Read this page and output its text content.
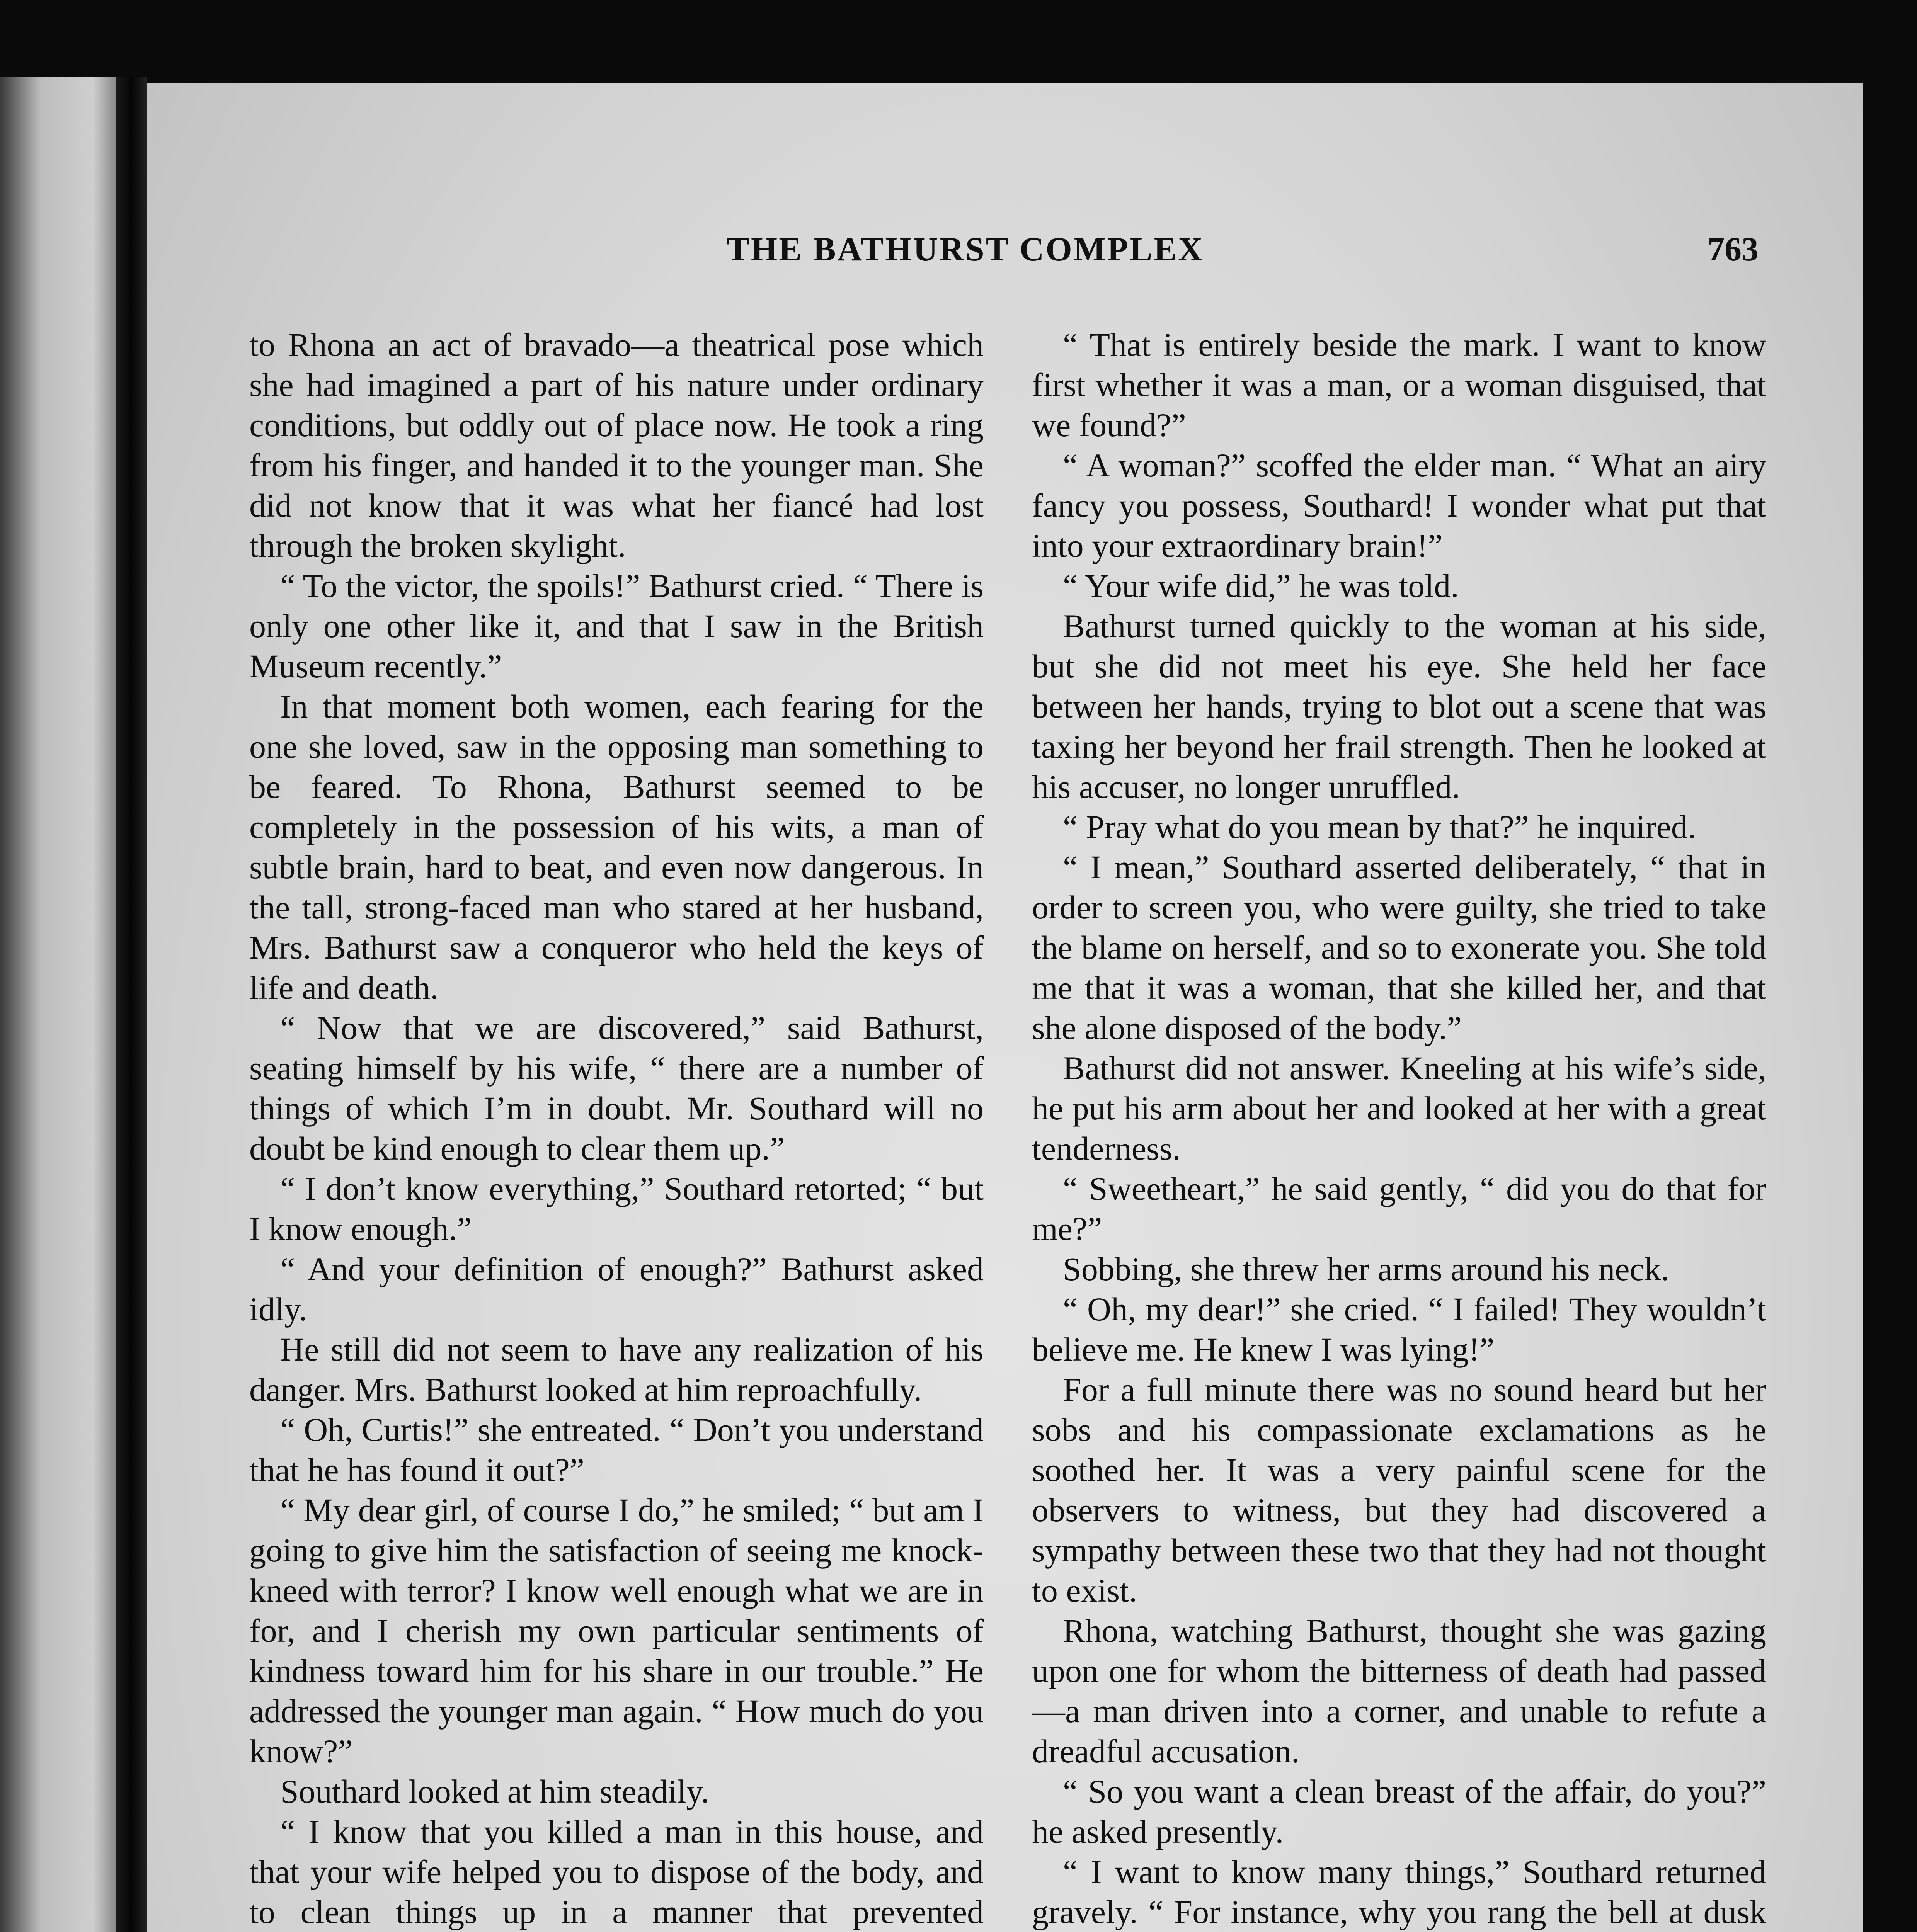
THE BATHURST COMPLEX	763

to Rhona an act of bravado—a theatrical pose which she had imagined a part of his nature under ordinary conditions, but oddly out of place now. He took a ring from his finger, and handed it to the younger man. She did not know that it was what her fiancé had lost through the broken skylight.

“ To the victor, the spoils!” Bathurst cried. “ There is only one other like it, and that I saw in the British Museum recently.”

In that moment both women, each fearing for the one she loved, saw in the opposing man something to be feared. To Rhona, Bathurst seemed to be completely in the possession of his wits, a man of subtle brain, hard to beat, and even now dangerous. In the tall, strong-faced man who stared at her husband, Mrs. Bathurst saw a conqueror who held the keys of life and death.

“ Now that we are discovered,” said Bathurst, seating himself by his wife, “ there are a number of things of which I’m in doubt. Mr. Southard will no doubt be kind enough to clear them up.”

“ I don’t know everything,” Southard retorted; “ but I know enough.”

“ And your definition of enough?” Bathurst asked idly.

He still did not seem to have any realization of his danger. Mrs. Bathurst looked at him reproachfully.

“ Oh, Curtis!” she entreated. “ Don’t you understand that he has found it out?”

“ My dear girl, of course I do,” he smiled; “ but am I going to give him the satisfaction of seeing me knock-kneed with terror? I know well enough what we are in for, and I cherish my own particular sentiments of kindness toward him for his share in our trouble.” He addressed the younger man again. “ How much do you know?”

Southard looked at him steadily.

“ I know that you killed a man in this house, and that your wife helped you to dispose of the body, and to clean things up in a manner that prevented

“ That is entirely beside the mark. I want to know first whether it was a man, or a woman disguised, that we found?”

“ A woman?” scoffed the elder man. “ What an airy fancy you possess, Southard! I wonder what put that into your extraordinary brain!”

“ Your wife did,” he was told.

Bathurst turned quickly to the woman at his side, but she did not meet his eye. She held her face between her hands, trying to blot out a scene that was taxing her beyond her frail strength. Then he looked at his accuser, no longer unruffled.

“ Pray what do you mean by that?” he inquired.

“ I mean,” Southard asserted deliberately, “ that in order to screen you, who were guilty, she tried to take the blame on herself, and so to exonerate you. She told me that it was a woman, that she killed her, and that she alone disposed of the body.”

Bathurst did not answer. Kneeling at his wife’s side, he put his arm about her and looked at her with a great tenderness.

“ Sweetheart,” he said gently, “ did you do that for me?”

Sobbing, she threw her arms around his neck.

“ Oh, my dear!” she cried. “ I failed! They wouldn’t believe me. He knew I was lying!”

For a full minute there was no sound heard but her sobs and his compassionate exclamations as he soothed her. It was a very painful scene for the observers to witness, but they had discovered a sympathy between these two that they had not thought to exist.

Rhona, watching Bathurst, thought she was gazing upon one for whom the bitterness of death had passed—a man driven into a corner, and unable to refute a dreadful accusation.

“ So you want a clean breast of the affair, do you?” he asked presently.

“ I want to know many things,” Southard returned gravely. “ For instance, why you rang the bell at dusk
